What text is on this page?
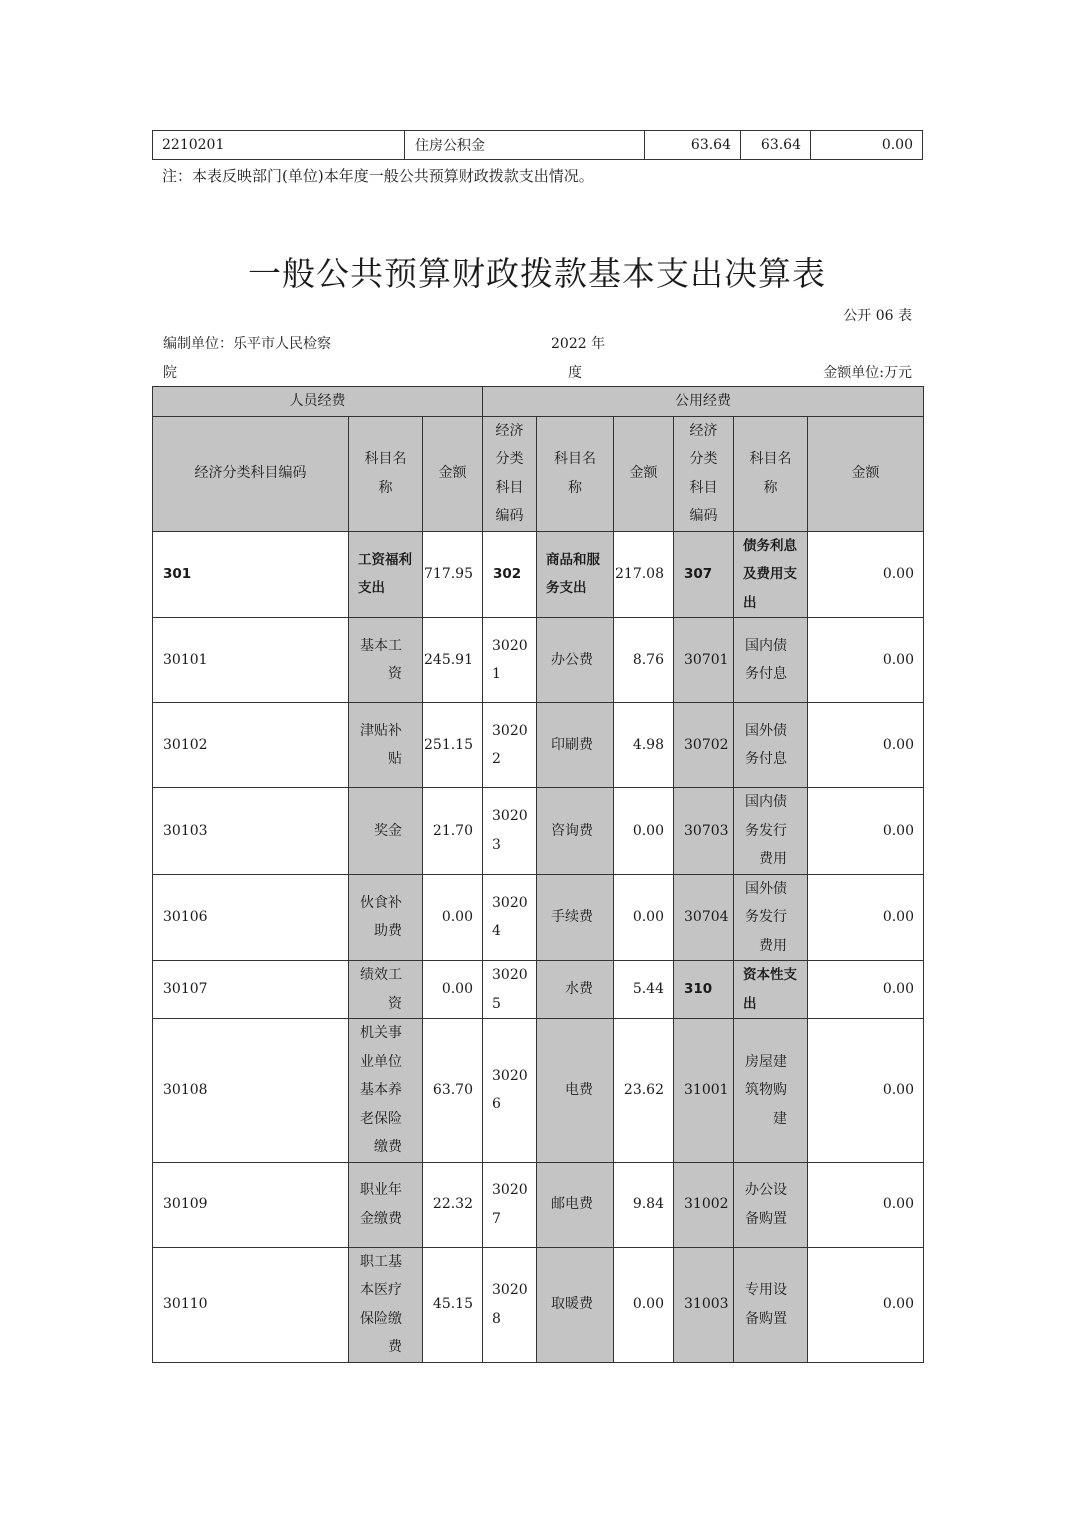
2210201	住房公积金	63.64	63.64	0.00
注：本表反映部门(单位)本年度一般公共预算财政拨款支出情况。
一般公共预算财政拨款基本支出决算表
公开 06 表
编制单位：乐平市人民检察
院
2022 年
度	金额单位:万元
人员经费			公用经费					
经济分类科目编码	科目名称	金额	经济分类科目编码	科目名称	金额	经济分类科目编码	科目名称	金额
301	工资福利支出	717.95	302	商品和服务支出	217.08	307	债务利息及费用支出	0.00
30101	基本工资	245.91	30201	办公费	8.76	30701	国内债务付息	0.00
30102	津贴补贴	251.15	30202	印刷费	4.98	30702	国外债务付息	0.00
30103	奖金	21.70	30203	咨询费	0.00	30703	国内债务发行费用	0.00
30106	伙食补助费	0.00	30204	手续费	0.00	30704	国外债务发行费用	0.00
30107	绩效工资	0.00	30205	水费	5.44	310	资本性支出	0.00
30108	机关事业单位基本养老保险缴费	63.70	30206	电费	23.62	31001	房屋建筑物购建	0.00
30109	职业年金缴费	22.32	30207	邮电费	9.84	31002	办公设备购置	0.00
30110	职工基本医疗保险缴费	45.15	30208	取暖费	0.00	31003	专用设备购置	0.00
